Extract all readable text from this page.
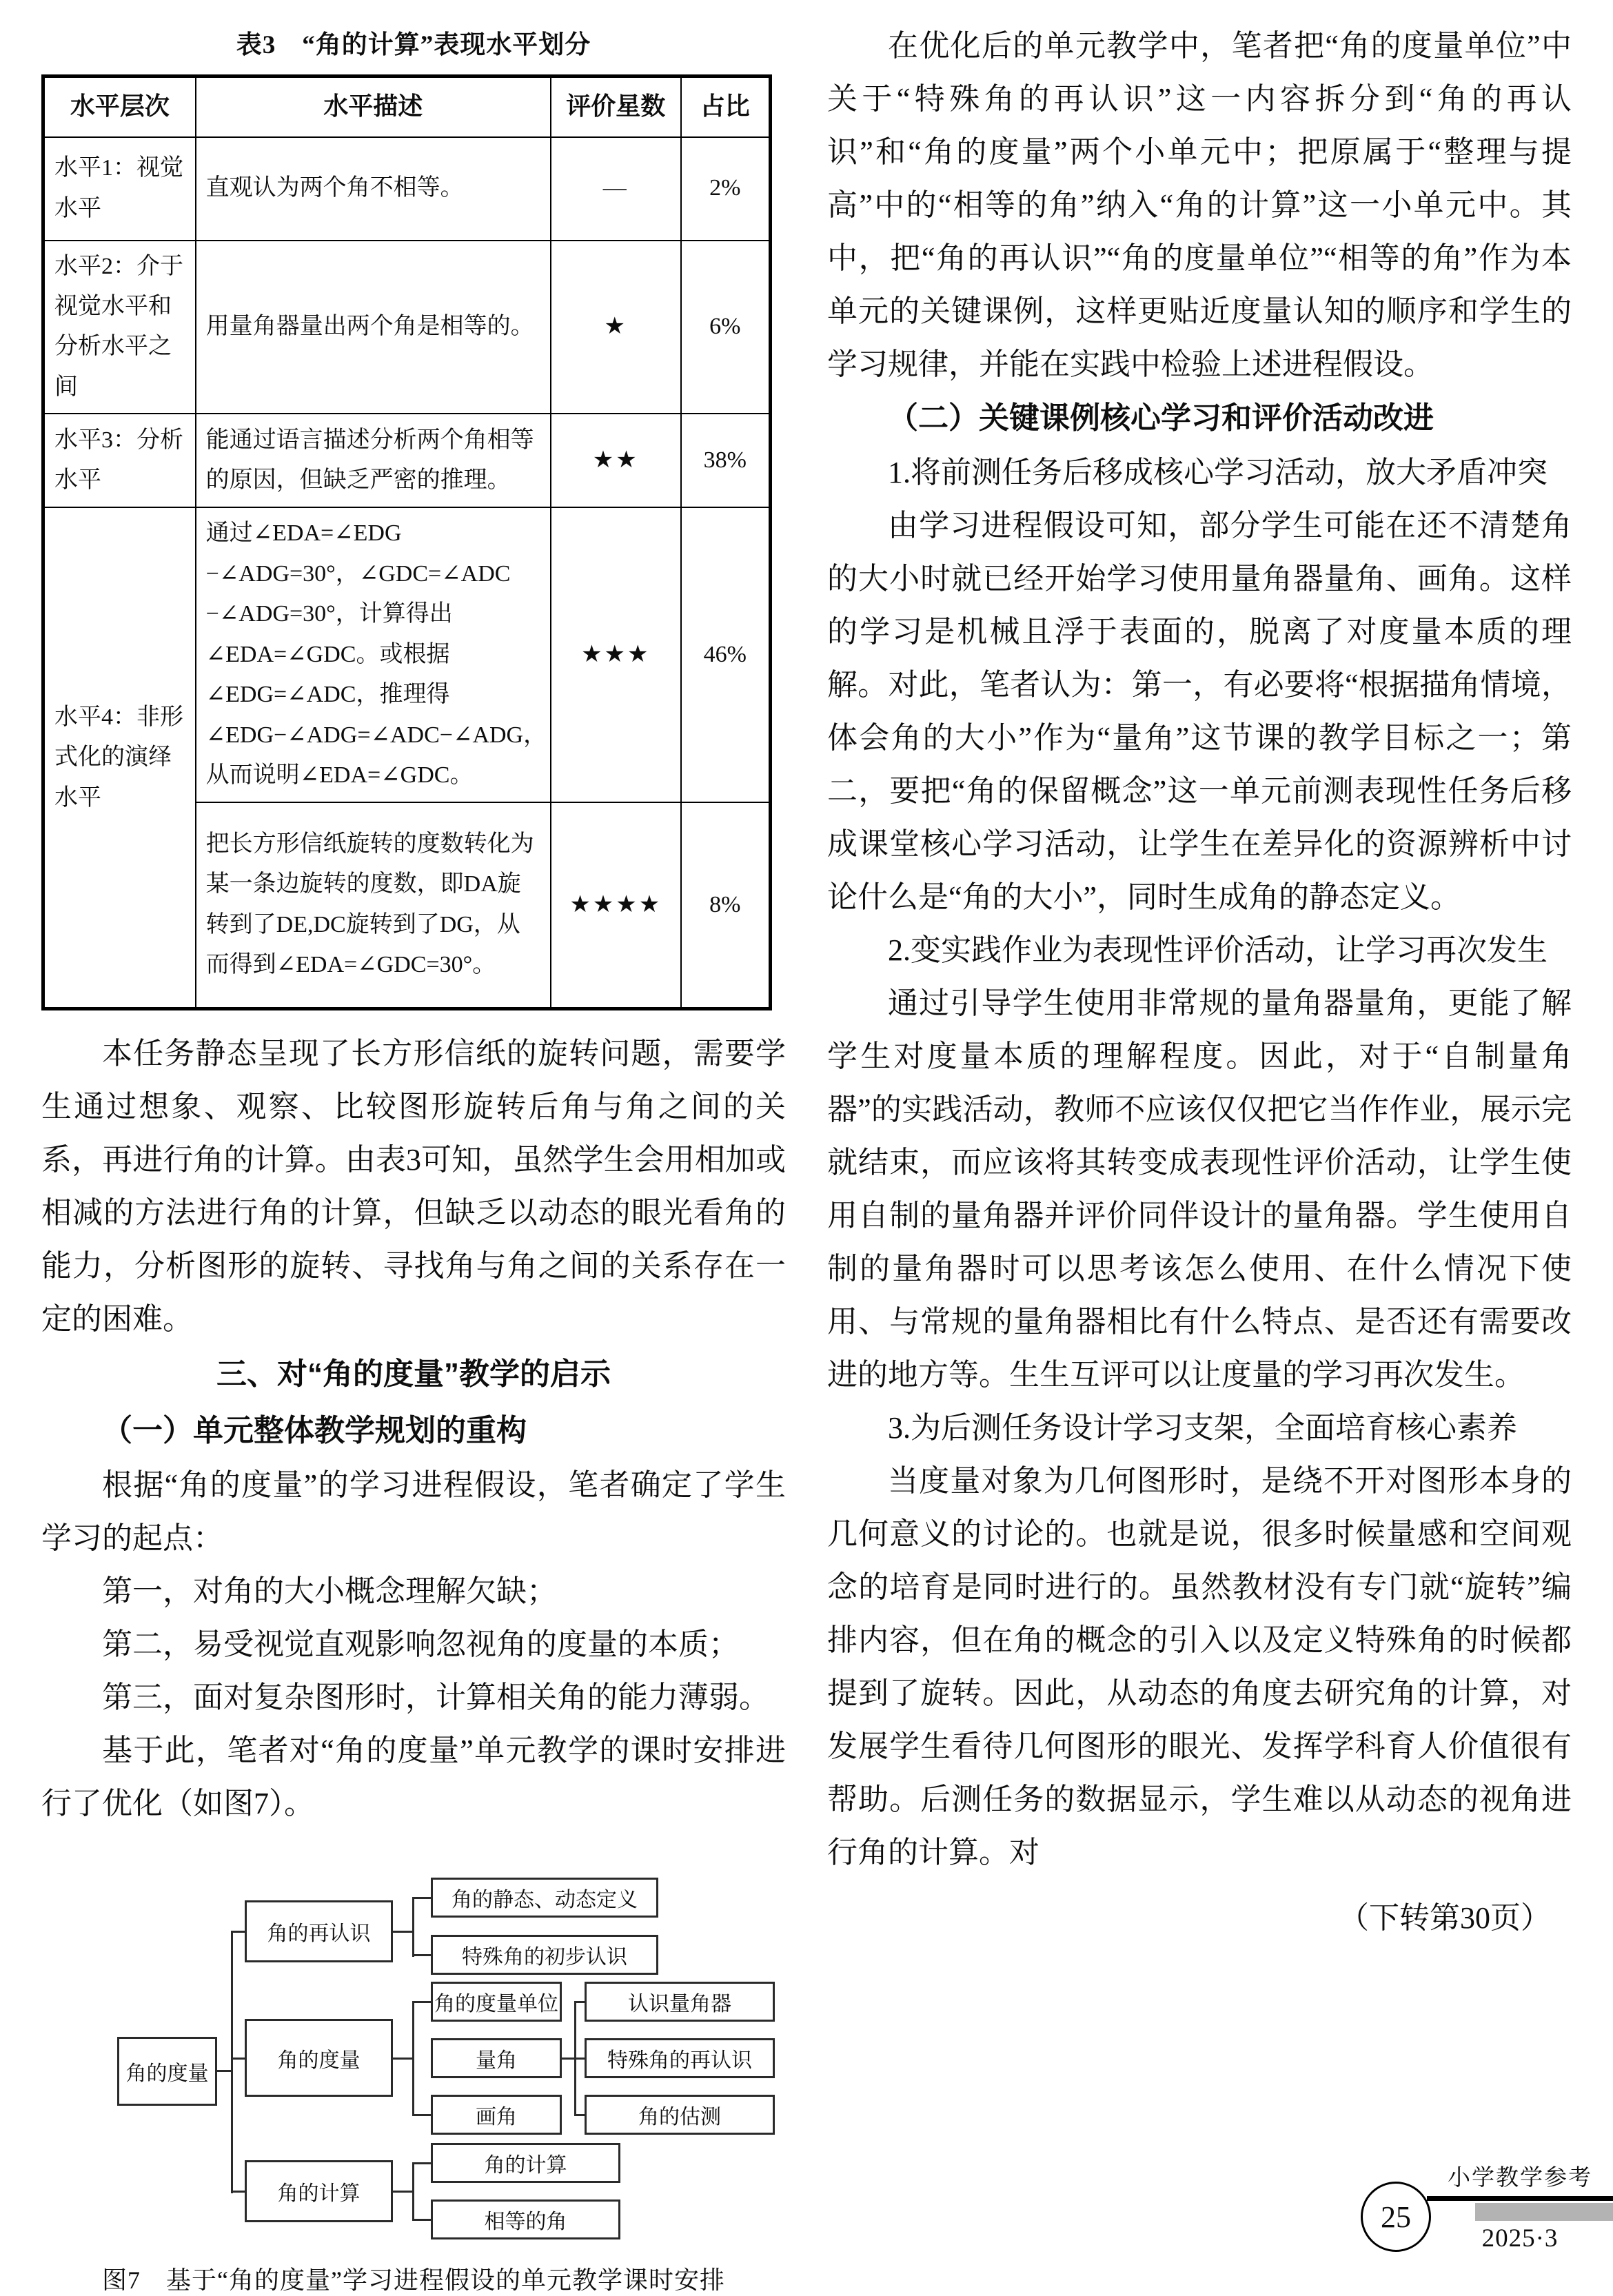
表3　“角的计算”表现水平划分
水平层次	水平描述	评价星数	占比
水平1：视觉水平	直观认为两个角不相等。	—	2%
水平2：介于视觉水平和分析水平之间	用量角器量出两个角是相等的。	★	6%
水平3：分析水平	能通过语言描述分析两个角相等的原因，但缺乏严密的推理。	★★	38%
水平4：非形式化的演绎水平	通过∠EDA=∠EDG −∠ADG=30°，∠GDC=∠ADC −∠ADG=30°，计算得出∠EDA=∠GDC。或根据∠EDG=∠ADC，推理得∠EDG−∠ADG=∠ADC−∠ADG，从而说明∠EDA=∠GDC。	★★★	46%
	把长方形信纸旋转的度数转化为某一条边旋转的度数，即DA旋转到了DE,DC旋转到了DG，从而得到∠EDA=∠GDC=30°。	★★★★	8%

本任务静态呈现了长方形信纸的旋转问题，需要学生通过想象、观察、比较图形旋转后角与角之间的关系，再进行角的计算。由表3可知，虽然学生会用相加或相减的方法进行角的计算，但缺乏以动态的眼光看角的能力，分析图形的旋转、寻找角与角之间的关系存在一定的困难。

三、对“角的度量”教学的启示
（一）单元整体教学规划的重构

根据“角的度量”的学习进程假设，笔者确定了学生学习的起点：

第一，对角的大小概念理解欠缺；

第二，易受视觉直观影响忽视角的度量的本质；

第三，面对复杂图形时，计算相关角的能力薄弱。

基于此，笔者对“角的度量”单元教学的课时安排进行了优化（如图7）。

角的度量
角的再认识
角的度量
角的计算
角的静态、动态定义
特殊角的初步认识
角的度量单位
量角
画角
认识量角器
特殊角的再认识
角的估测
角的计算
相等的角
图7　基于“角的度量”学习进程假设的单元教学课时安排

在优化后的单元教学中，笔者把“角的度量单位”中关于“特殊角的再认识”这一内容拆分到“角的再认识”和“角的度量”两个小单元中；把原属于“整理与提高”中的“相等的角”纳入“角的计算”这一小单元中。其中，把“角的再认识”“角的度量单位”“相等的角”作为本单元的关键课例，这样更贴近度量认知的顺序和学生的学习规律，并能在实践中检验上述进程假设。

（二）关键课例核心学习和评价活动改进

1.将前测任务后移成核心学习活动，放大矛盾冲突

由学习进程假设可知，部分学生可能在还不清楚角的大小时就已经开始学习使用量角器量角、画角。这样的学习是机械且浮于表面的，脱离了对度量本质的理解。对此，笔者认为：第一，有必要将“根据描角情境，体会角的大小”作为“量角”这节课的教学目标之一；第二，要把“角的保留概念”这一单元前测表现性任务后移成课堂核心学习活动，让学生在差异化的资源辨析中讨论什么是“角的大小”，同时生成角的静态定义。

2.变实践作业为表现性评价活动，让学习再次发生

通过引导学生使用非常规的量角器量角，更能了解学生对度量本质的理解程度。因此，对于“自制量角器”的实践活动，教师不应该仅仅把它当作作业，展示完就结束，而应该将其转变成表现性评价活动，让学生使用自制的量角器并评价同伴设计的量角器。学生使用自制的量角器时可以思考该怎么使用、在什么情况下使用、与常规的量角器相比有什么特点、是否还有需要改进的地方等。生生互评可以让度量的学习再次发生。

3.为后测任务设计学习支架，全面培育核心素养

当度量对象为几何图形时，是绕不开对图形本身的几何意义的讨论的。也就是说，很多时候量感和空间观念的培育是同时进行的。虽然教材没有专门就“旋转”编排内容，但在角的概念的引入以及定义特殊角的时候都提到了旋转。因此，从动态的角度去研究角的计算，对发展学生看待几何图形的眼光、发挥学科育人价值很有帮助。后测任务的数据显示，学生难以从动态的视角进行角的计算。对

（下转第30页）
25
小学教学参考
2025·3
